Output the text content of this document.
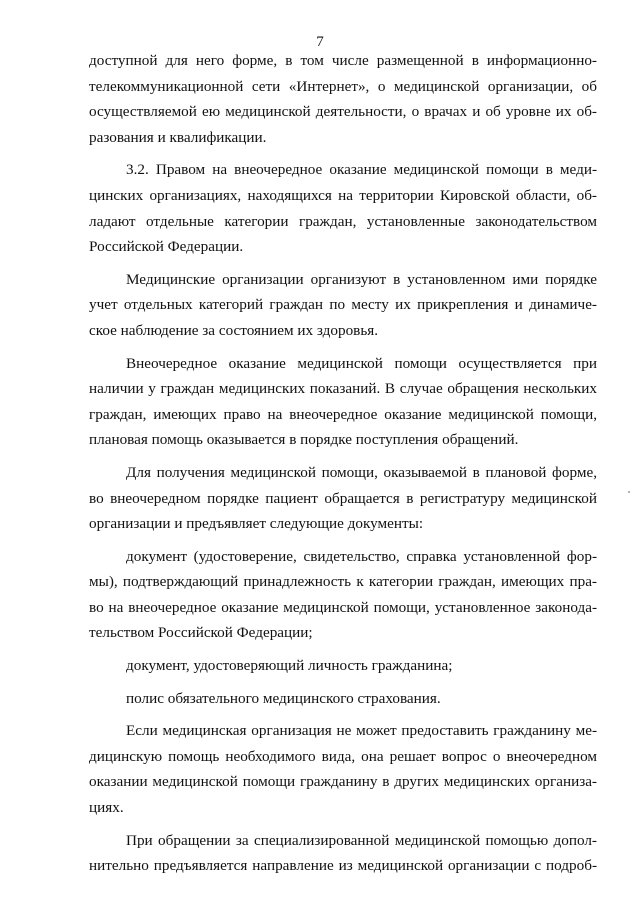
7
доступной для него форме, в том числе размещенной в информационно-
телекоммуникационной сети «Интернет», о медицинской организации, об
осуществляемой ею медицинской деятельности, о врачах и об уровне их об-
разования и квалификации.
3.2. Правом на внеочередное оказание медицинской помощи в меди-
цинских организациях, находящихся на территории Кировской области, об-
ладают отдельные категории граждан, установленные законодательством
Российской Федерации.
Медицинские организации организуют в установленном ими порядке
учет отдельных категорий граждан по месту их прикрепления и динамиче-
ское наблюдение за состоянием их здоровья.
Внеочередное оказание медицинской помощи осуществляется при
наличии у граждан медицинских показаний. В случае обращения нескольких
граждан, имеющих право на внеочередное оказание медицинской помощи,
плановая помощь оказывается в порядке поступления обращений.
Для получения медицинской помощи, оказываемой в плановой форме,
во внеочередном порядке пациент обращается в регистратуру медицинской
организации и предъявляет следующие документы:
документ (удостоверение, свидетельство, справка установленной фор-
мы), подтверждающий принадлежность к категории граждан, имеющих пра-
во на внеочередное оказание медицинской помощи, установленное законода-
тельством Российской Федерации;
документ, удостоверяющий личность гражданина;
полис обязательного медицинского страхования.
Если медицинская организация не может предоставить гражданину ме-
дицинскую помощь необходимого вида, она решает вопрос о внеочередном
оказании медицинской помощи гражданину в других медицинских организа-
циях.
При обращении за специализированной медицинской помощью допол-
нительно предъявляется направление из медицинской организации с подроб-
